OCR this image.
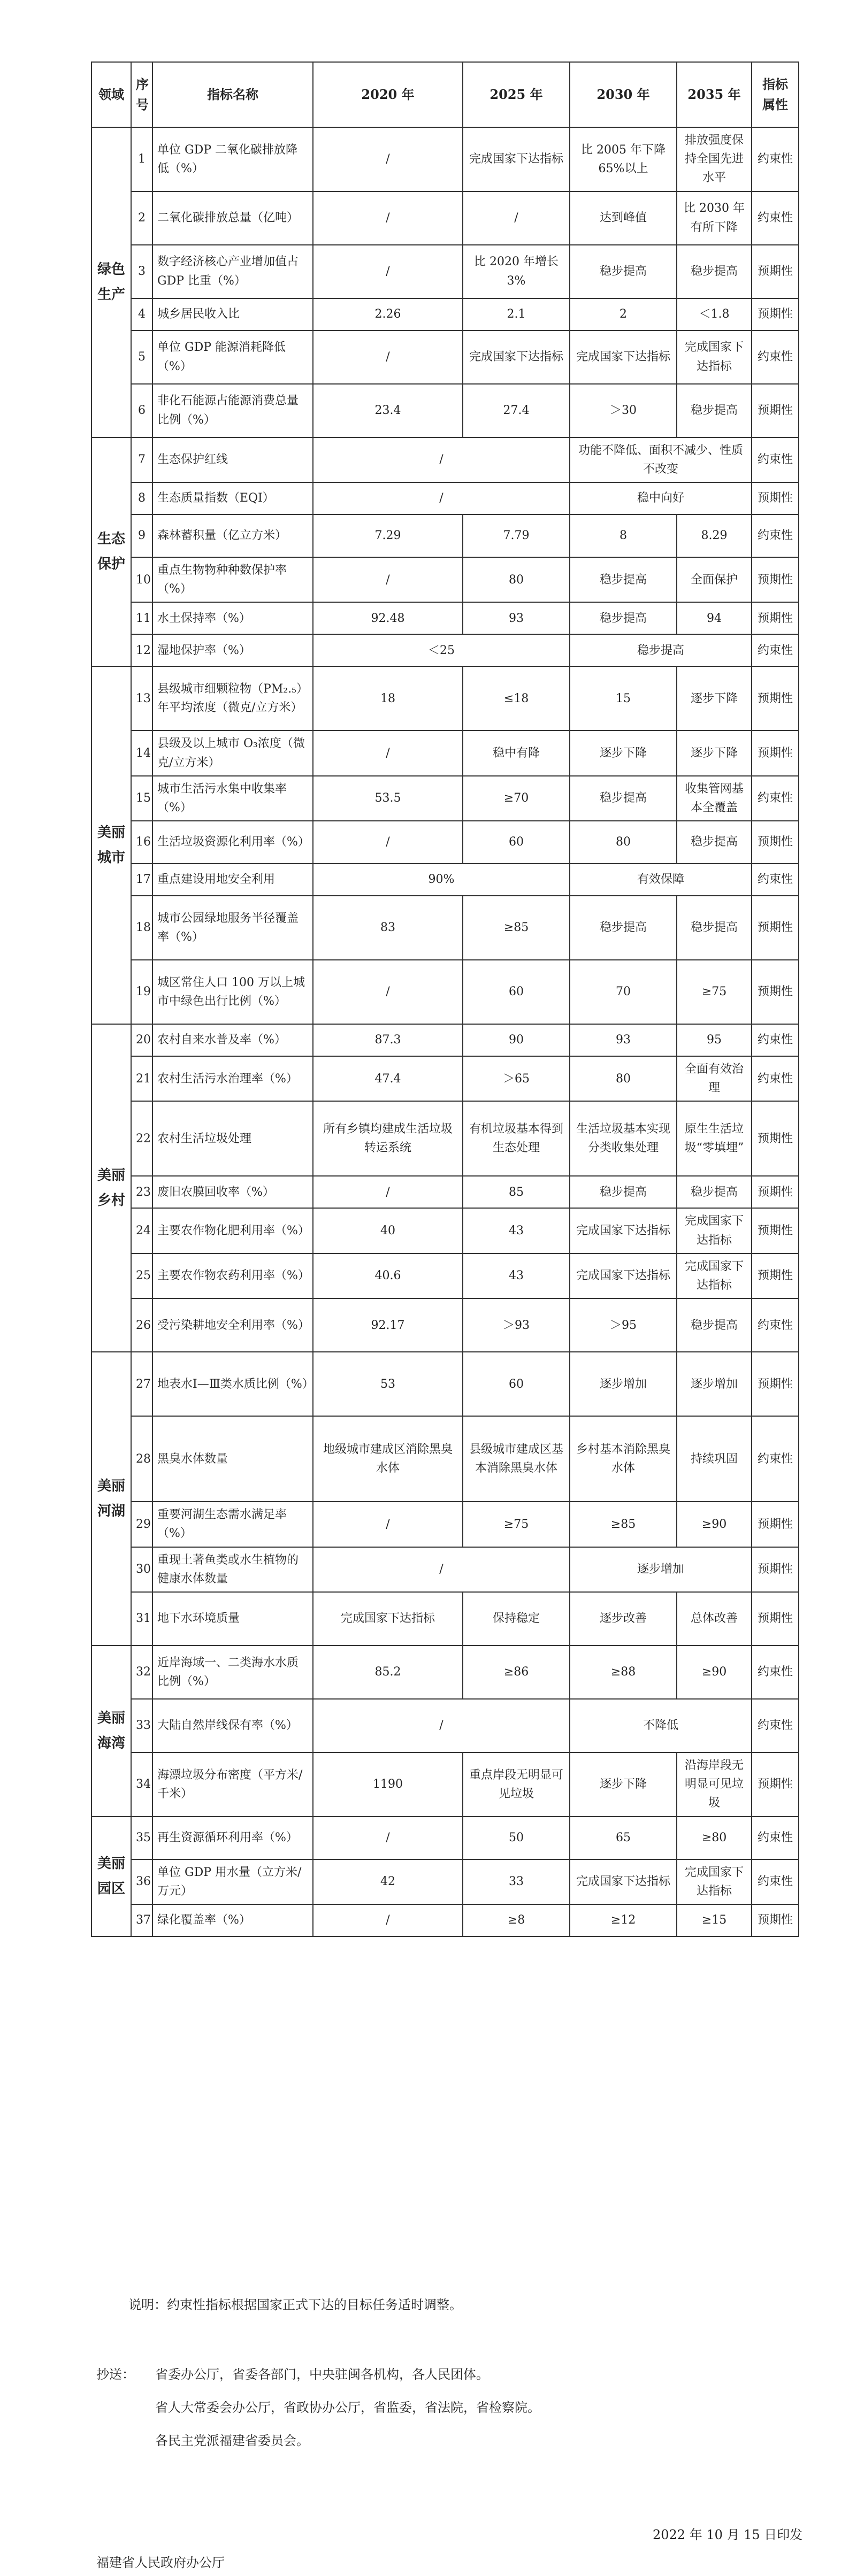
领域	序号	指标名称	2020 年	2025 年	2030 年	2035 年	指标属性
绿色生产	1	单位 GDP 二氧化碳排放降低（%）	/	完成国家下达指标	比 2005 年下降 65%以上	排放强度保持全国先进水平	约束性
	2	二氧化碳排放总量（亿吨）	/	/	达到峰值	比 2030 年有所下降	约束性
	3	数字经济核心产业增加值占 GDP 比重（%）	/	比 2020 年增长 3%	稳步提高	稳步提高	预期性
	4	城乡居民收入比	2.26	2.1	2	＜1.8	预期性
	5	单位 GDP 能源消耗降低（%）	/	完成国家下达指标	完成国家下达指标	完成国家下达指标	约束性
	6	非化石能源占能源消费总量比例（%）	23.4	27.4	＞30	稳步提高	预期性
生态保护	7	生态保护红线	/		功能不降低、面积不减少、性质不改变		约束性
	8	生态质量指数（EQI）	/		稳中向好		预期性
	9	森林蓄积量（亿立方米）	7.29	7.79	8	8.29	约束性
	10	重点生物物种种数保护率（%）	/	80	稳步提高	全面保护	预期性
	11	水土保持率（%）	92.48	93	稳步提高	94	预期性
	12	湿地保护率（%）	＜25		稳步提高		约束性
美丽城市	13	县级城市细颗粒物（PM₂.₅）年平均浓度（微克/立方米）	18	≤18	15	逐步下降	预期性
	14	县级及以上城市 O₃浓度（微克/立方米）	/	稳中有降	逐步下降	逐步下降	预期性
	15	城市生活污水集中收集率（%）	53.5	≥70	稳步提高	收集管网基本全覆盖	约束性
	16	生活垃圾资源化利用率（%）	/	60	80	稳步提高	预期性
	17	重点建设用地安全利用	90%		有效保障		约束性
	18	城市公园绿地服务半径覆盖率（%）	83	≥85	稳步提高	稳步提高	预期性
	19	城区常住人口 100 万以上城市中绿色出行比例（%）	/	60	70	≥75	预期性
美丽乡村	20	农村自来水普及率（%）	87.3	90	93	95	约束性
	21	农村生活污水治理率（%）	47.4	＞65	80	全面有效治理	约束性
	22	农村生活垃圾处理	所有乡镇均建成生活垃圾转运系统	有机垃圾基本得到生态处理	生活垃圾基本实现分类收集处理	原生生活垃圾“零填埋”	预期性
	23	废旧农膜回收率（%）	/	85	稳步提高	稳步提高	预期性
	24	主要农作物化肥利用率（%）	40	43	完成国家下达指标	完成国家下达指标	预期性
	25	主要农作物农药利用率（%）	40.6	43	完成国家下达指标	完成国家下达指标	预期性
	26	受污染耕地安全利用率（%）	92.17	＞93	＞95	稳步提高	约束性
美丽河湖	27	地表水Ⅰ—Ⅲ类水质比例（%）	53	60	逐步增加	逐步增加	预期性
	28	黑臭水体数量	地级城市建成区消除黑臭水体	县级城市建成区基本消除黑臭水体	乡村基本消除黑臭水体	持续巩固	约束性
	29	重要河湖生态需水满足率（%）	/	≥75	≥85	≥90	预期性
	30	重现土著鱼类或水生植物的健康水体数量	/		逐步增加		预期性
	31	地下水环境质量	完成国家下达指标	保持稳定	逐步改善	总体改善	预期性
美丽海湾	32	近岸海域一、二类海水水质比例（%）	85.2	≥86	≥88	≥90	约束性
	33	大陆自然岸线保有率（%）	/		不降低		约束性
	34	海漂垃圾分布密度（平方米/千米）	1190	重点岸段无明显可见垃圾	逐步下降	沿海岸段无明显可见垃圾	预期性
美丽园区	35	再生资源循环利用率（%）	/	50	65	≥80	约束性
	36	单位 GDP 用水量（立方米/万元）	42	33	完成国家下达指标	完成国家下达指标	约束性
	37	绿化覆盖率（%）	/	≥8	≥12	≥15	预期性
说明：约束性指标根据国家正式下达的目标任务适时调整。
抄送： 省委办公厅，省委各部门，中央驻闽各机构，各人民团体。
省人大常委会办公厅，省政协办公厅，省监委，省法院，省检察院。
各民主党派福建省委员会。
2022 年 10 月 15 日印发
福建省人民政府办公厅
